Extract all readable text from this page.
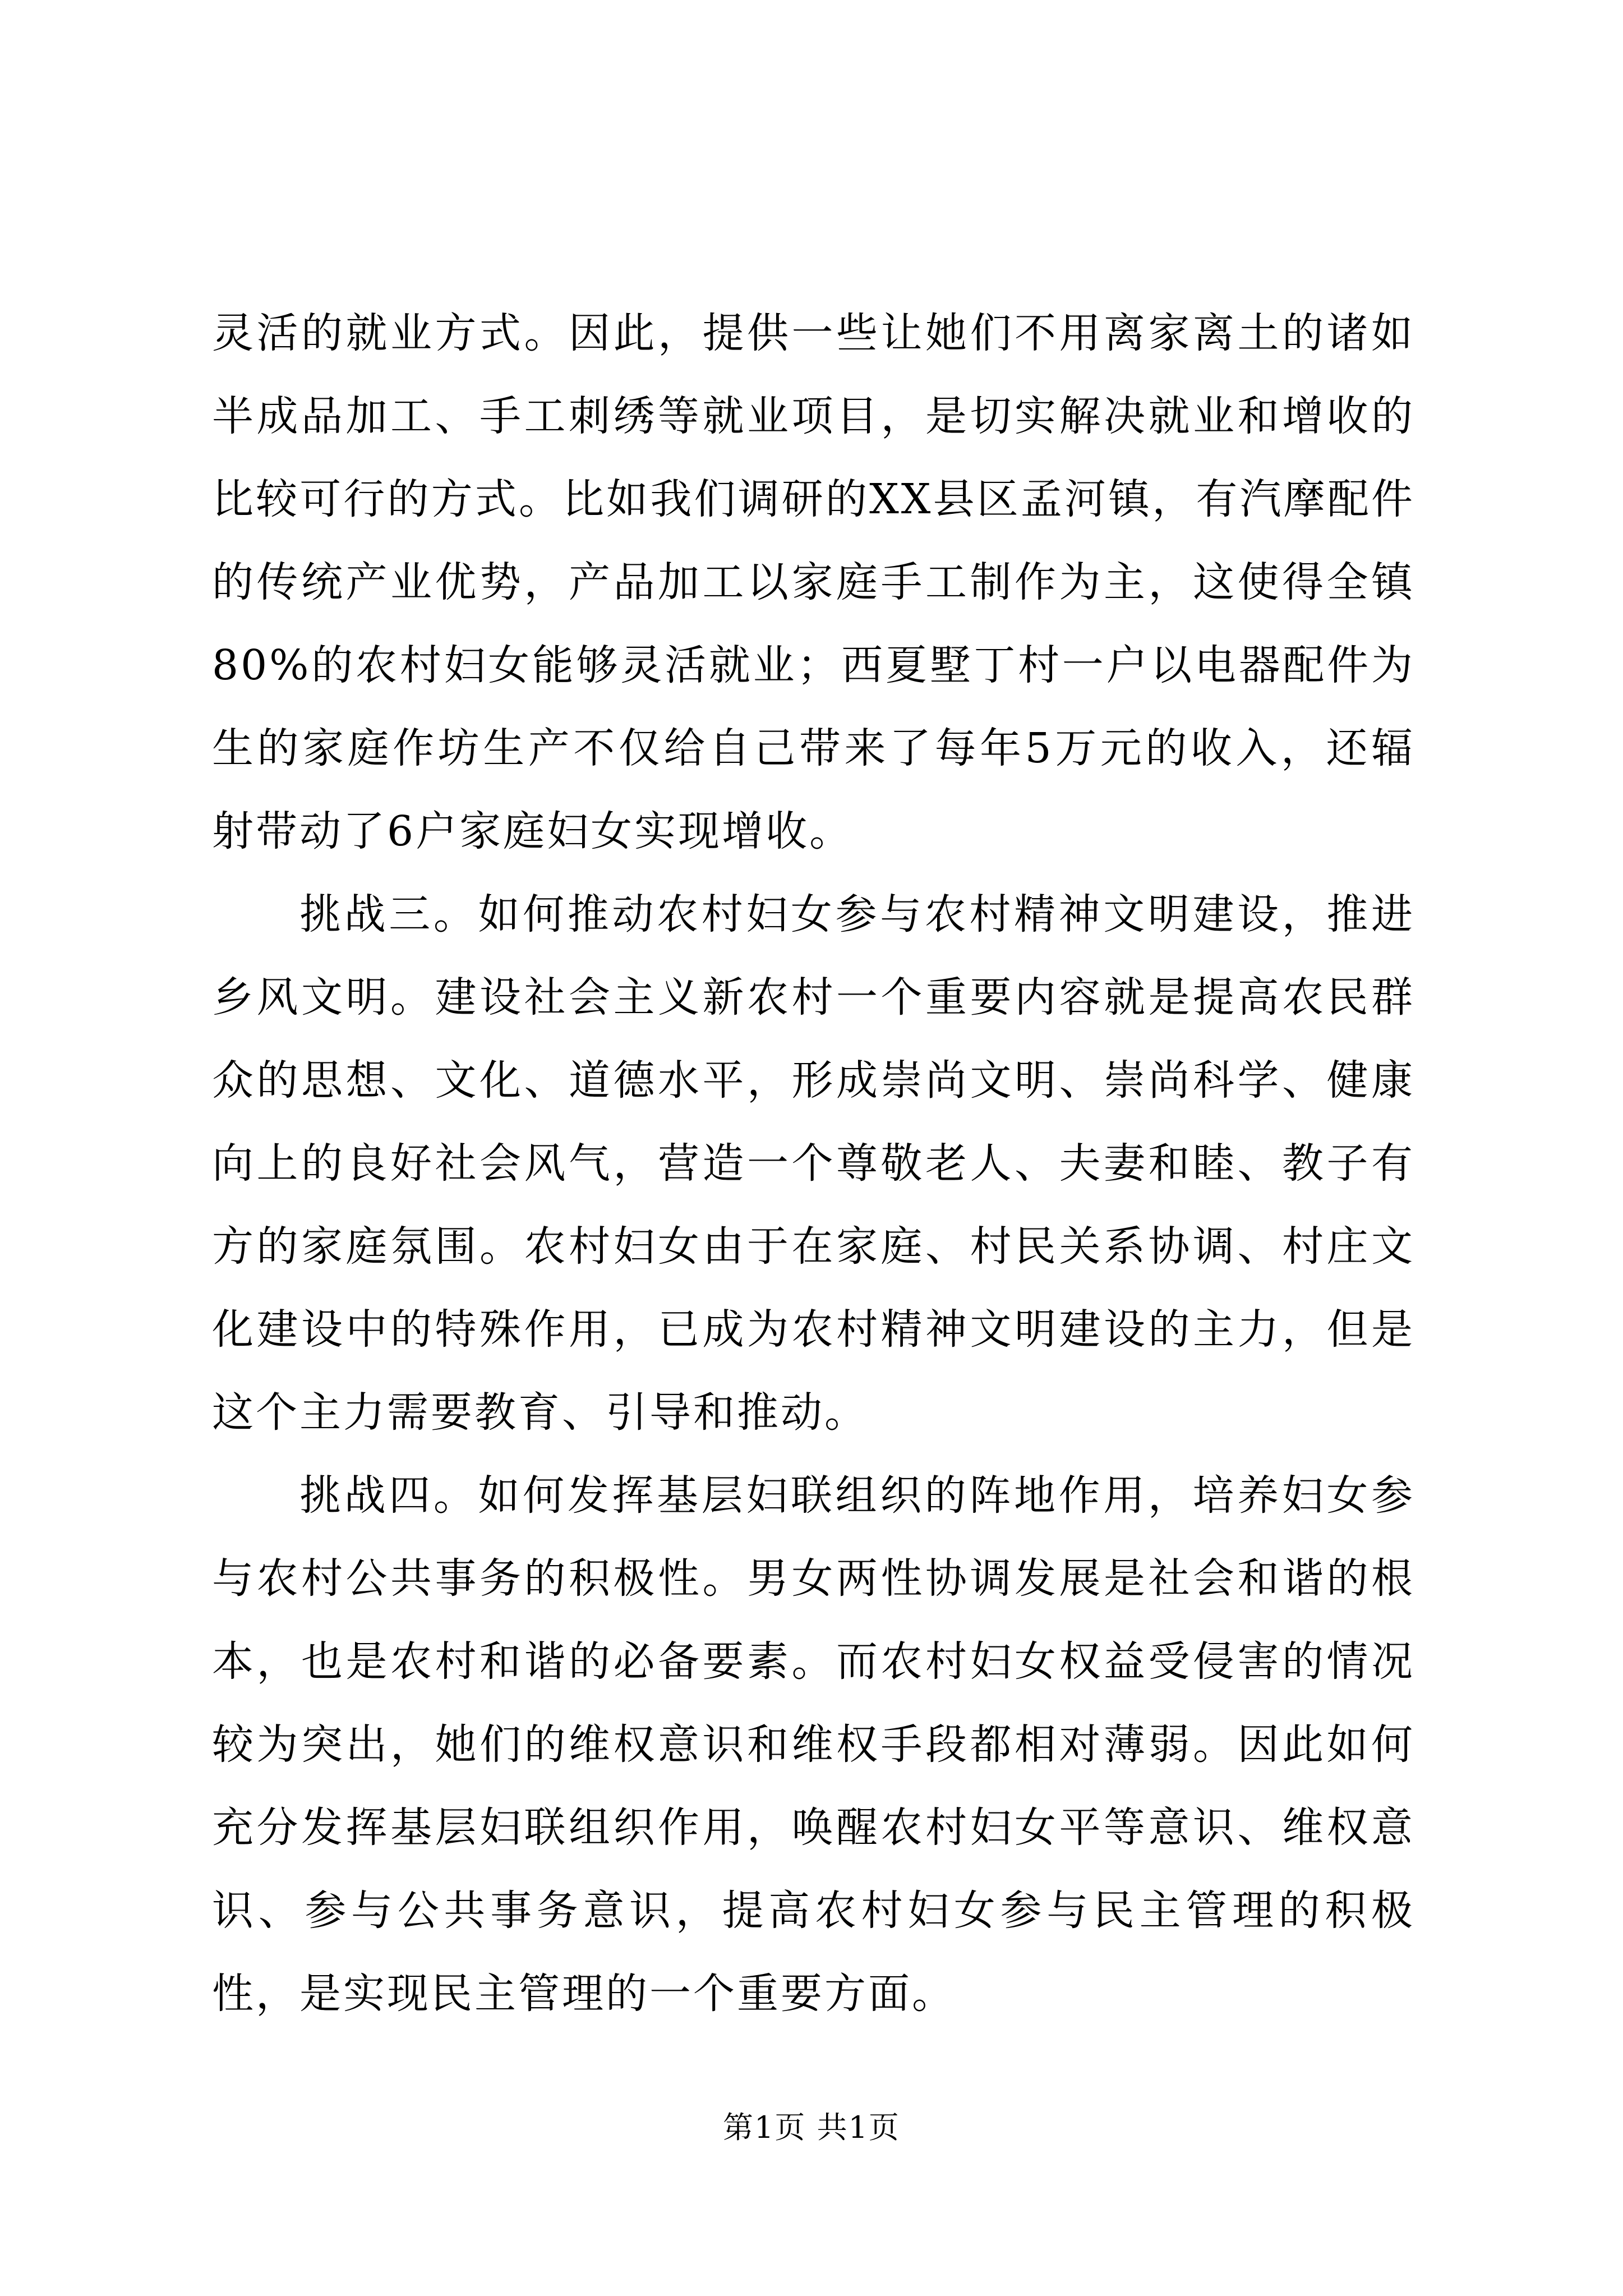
灵活的就业方式。因此，提供一些让她们不用离家离土的诸如半成品加工、手工刺绣等就业项目，是切实解决就业和增收的比较可行的方式。比如我们调研的XX县区孟河镇，有汽摩配件的传统产业优势，产品加工以家庭手工制作为主，这使得全镇80%的农村妇女能够灵活就业；西夏墅丁村一户以电器配件为生的家庭作坊生产不仅给自己带来了每年5万元的收入，还辐射带动了6户家庭妇女实现增收。

挑战三。如何推动农村妇女参与农村精神文明建设，推进乡风文明。建设社会主义新农村一个重要内容就是提高农民群众的思想、文化、道德水平，形成崇尚文明、崇尚科学、健康向上的良好社会风气，营造一个尊敬老人、夫妻和睦、教子有方的家庭氛围。农村妇女由于在家庭、村民关系协调、村庄文化建设中的特殊作用，已成为农村精神文明建设的主力，但是这个主力需要教育、引导和推动。

挑战四。如何发挥基层妇联组织的阵地作用，培养妇女参与农村公共事务的积极性。男女两性协调发展是社会和谐的根本，也是农村和谐的必备要素。而农村妇女权益受侵害的情况较为突出，她们的维权意识和维权手段都相对薄弱。因此如何充分发挥基层妇联组织作用，唤醒农村妇女平等意识、维权意识、参与公共事务意识，提高农村妇女参与民主管理的积极性，是实现民主管理的一个重要方面。

第1页 共1页
